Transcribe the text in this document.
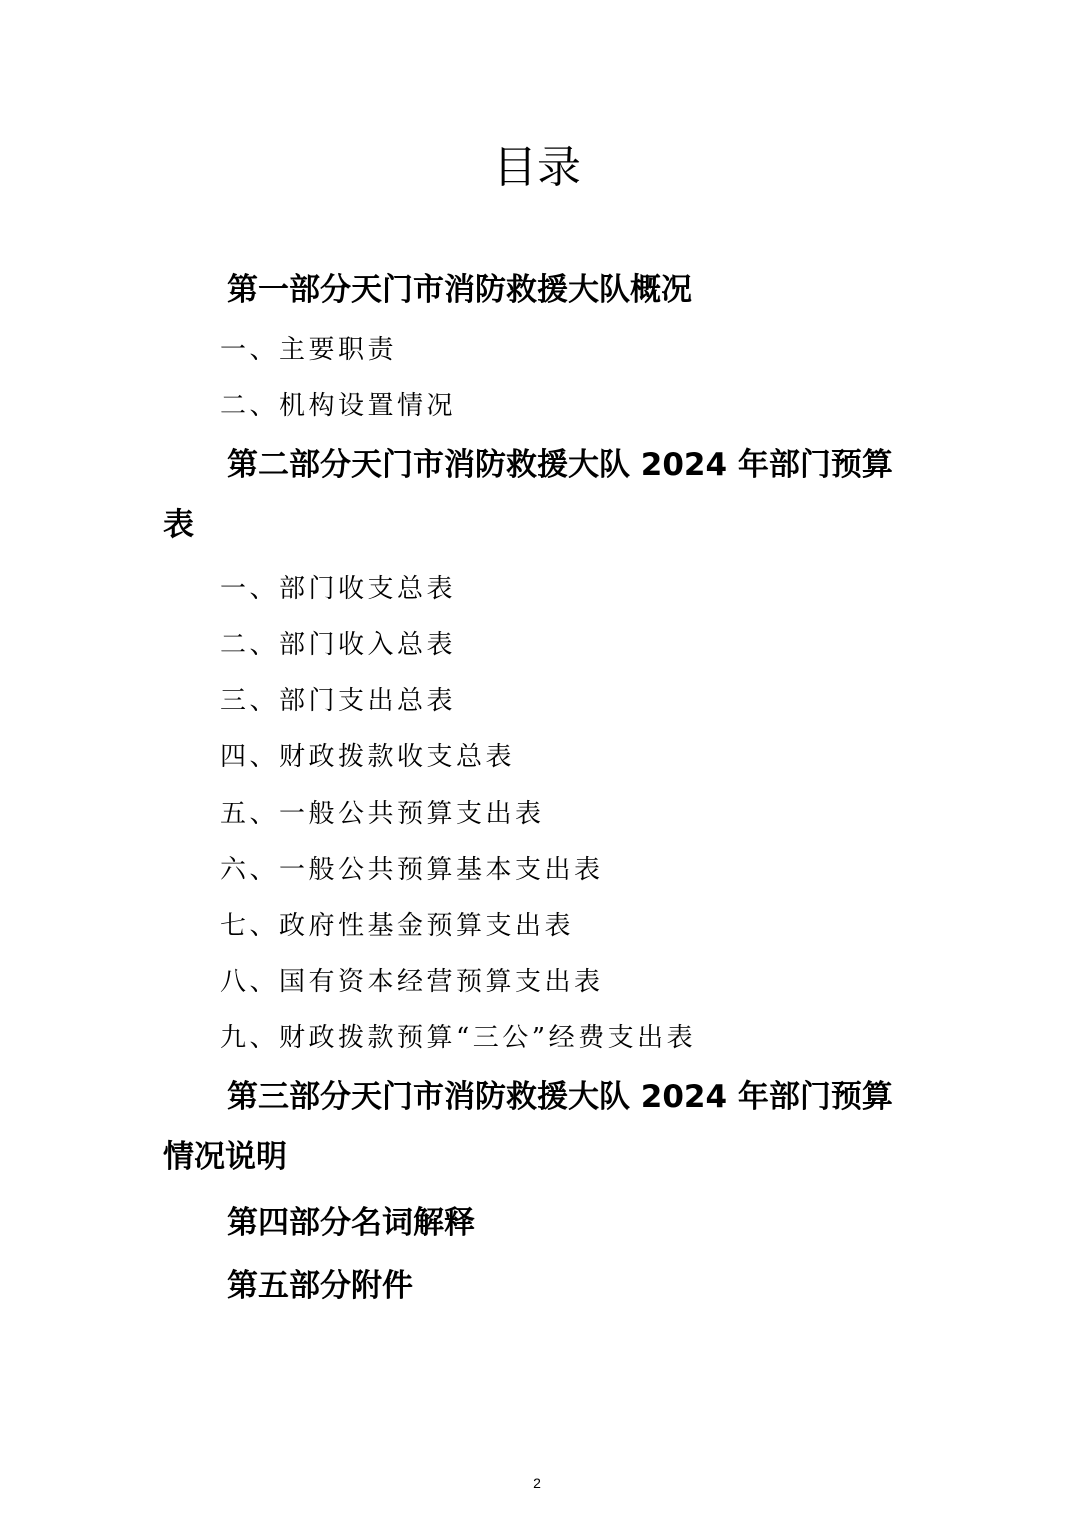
目录
第一部分天门市消防救援大队概况
一、主要职责
二、机构设置情况
第二部分天门市消防救援大队 2024 年部门预算表
一、部门收支总表
二、部门收入总表
三、部门支出总表
四、财政拨款收支总表
五、一般公共预算支出表
六、一般公共预算基本支出表
七、政府性基金预算支出表
八、国有资本经营预算支出表
九、财政拨款预算“三公”经费支出表
第三部分天门市消防救援大队 2024 年部门预算情况说明
第四部分名词解释
第五部分附件
2
